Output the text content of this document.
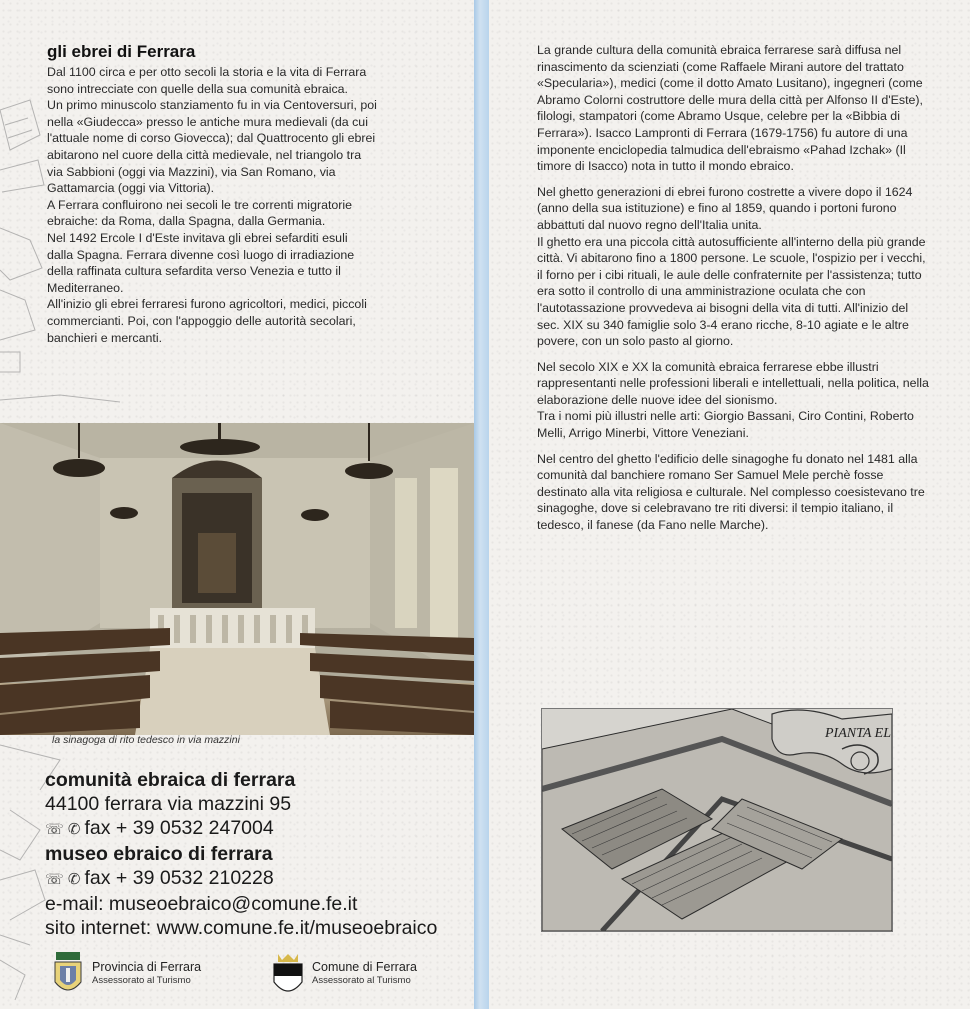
gli ebrei di Ferrara

Dal 1100 circa e per otto secoli la storia e la vita di Ferrara sono intrecciate con quelle della sua comunità ebraica.

Un primo minuscolo stanziamento fu in via Centoversuri, poi nella «Giudecca» presso le antiche mura medievali (da cui l'attuale nome di corso Giovecca); dal Quattrocento gli ebrei abitarono nel cuore della città medievale, nel triangolo tra via Sabbioni (oggi via Mazzini), via San Romano, via Gattamarcia (oggi via Vittoria).

A Ferrara confluirono nei secoli le tre correnti migratorie ebraiche: da Roma, dalla Spagna, dalla Germania.

Nel 1492 Ercole I d'Este invitava gli ebrei sefarditi esuli dalla Spagna. Ferrara divenne così luogo di irradiazione della raffinata cultura sefardita verso Venezia e tutto il Mediterraneo.

All'inizio gli ebrei ferraresi furono agricoltori, medici, piccoli commercianti. Poi, con l'appoggio delle autorità secolari, banchieri e mercanti.

la sinagoga di rito tedesco in via mazzini

comunità ebraica di ferrara
44100 ferrara via mazzini 95
☏ ✆ fax + 39 0532 247004
museo ebraico di ferrara
☏ ✆ fax + 39 0532 210228
e-mail: museoebraico@comune.fe.it
sito internet: www.comune.fe.it/museoebraico
Provincia di Ferrara
Assessorato al Turismo
Comune di Ferrara
Assessorato al Turismo

La grande cultura della comunità ebraica ferrarese sarà diffusa nel rinascimento da scienziati (come Raffaele Mirani autore del trattato «Specularia»), medici (come il dotto Amato Lusitano), ingegneri (come Abramo Colorni costruttore delle mura della città per Alfonso II d'Este), filologi, stampatori (come Abramo Usque, celebre per la «Bibbia di Ferrara»). Isacco Lampronti di Ferrara (1679-1756) fu autore di una imponente enciclopedia talmudica dell'ebraismo «Pahad Izchak» (Il timore di Isacco) nota in tutto il mondo ebraico.

Nel ghetto generazioni di ebrei furono costrette a vivere dopo il 1624 (anno della sua istituzione) e fino al 1859, quando i portoni furono abbattuti dal nuovo regno dell'Italia unita.

Il ghetto era una piccola città autosufficiente all'interno della più grande città. Vi abitarono fino a 1800 persone. Le scuole, l'ospizio per i vecchi, il forno per i cibi rituali, le aule delle confraternite per l'assistenza; tutto era sotto il controllo di una amministrazione oculata che con l'autotassazione provvedeva ai bisogni della vita di tutti. All'inizio del sec. XIX su 340 famiglie solo 3-4 erano ricche, 8-10 agiate e le altre povere, con un solo pasto al giorno.

Nel secolo XIX e XX la comunità ebraica ferrarese ebbe illustri rappresentanti nelle professioni liberali e intellettuali, nella politica, nella elaborazione delle nuove idee del sionismo.

Tra i nomi più illustri nelle arti: Giorgio Bassani, Ciro Contini, Roberto Melli, Arrigo Minerbi, Vittore Veneziani.

Nel centro del ghetto l'edificio delle sinagoghe fu donato nel 1481 alla comunità dal banchiere romano Ser Samuel Mele perchè fosse destinato alla vita religiosa e culturale. Nel complesso coesistevano tre sinagoghe, dove si celebravano tre riti diversi: il tempio italiano, il tedesco, il fanese (da Fano nelle Marche).

PIANTA EL
